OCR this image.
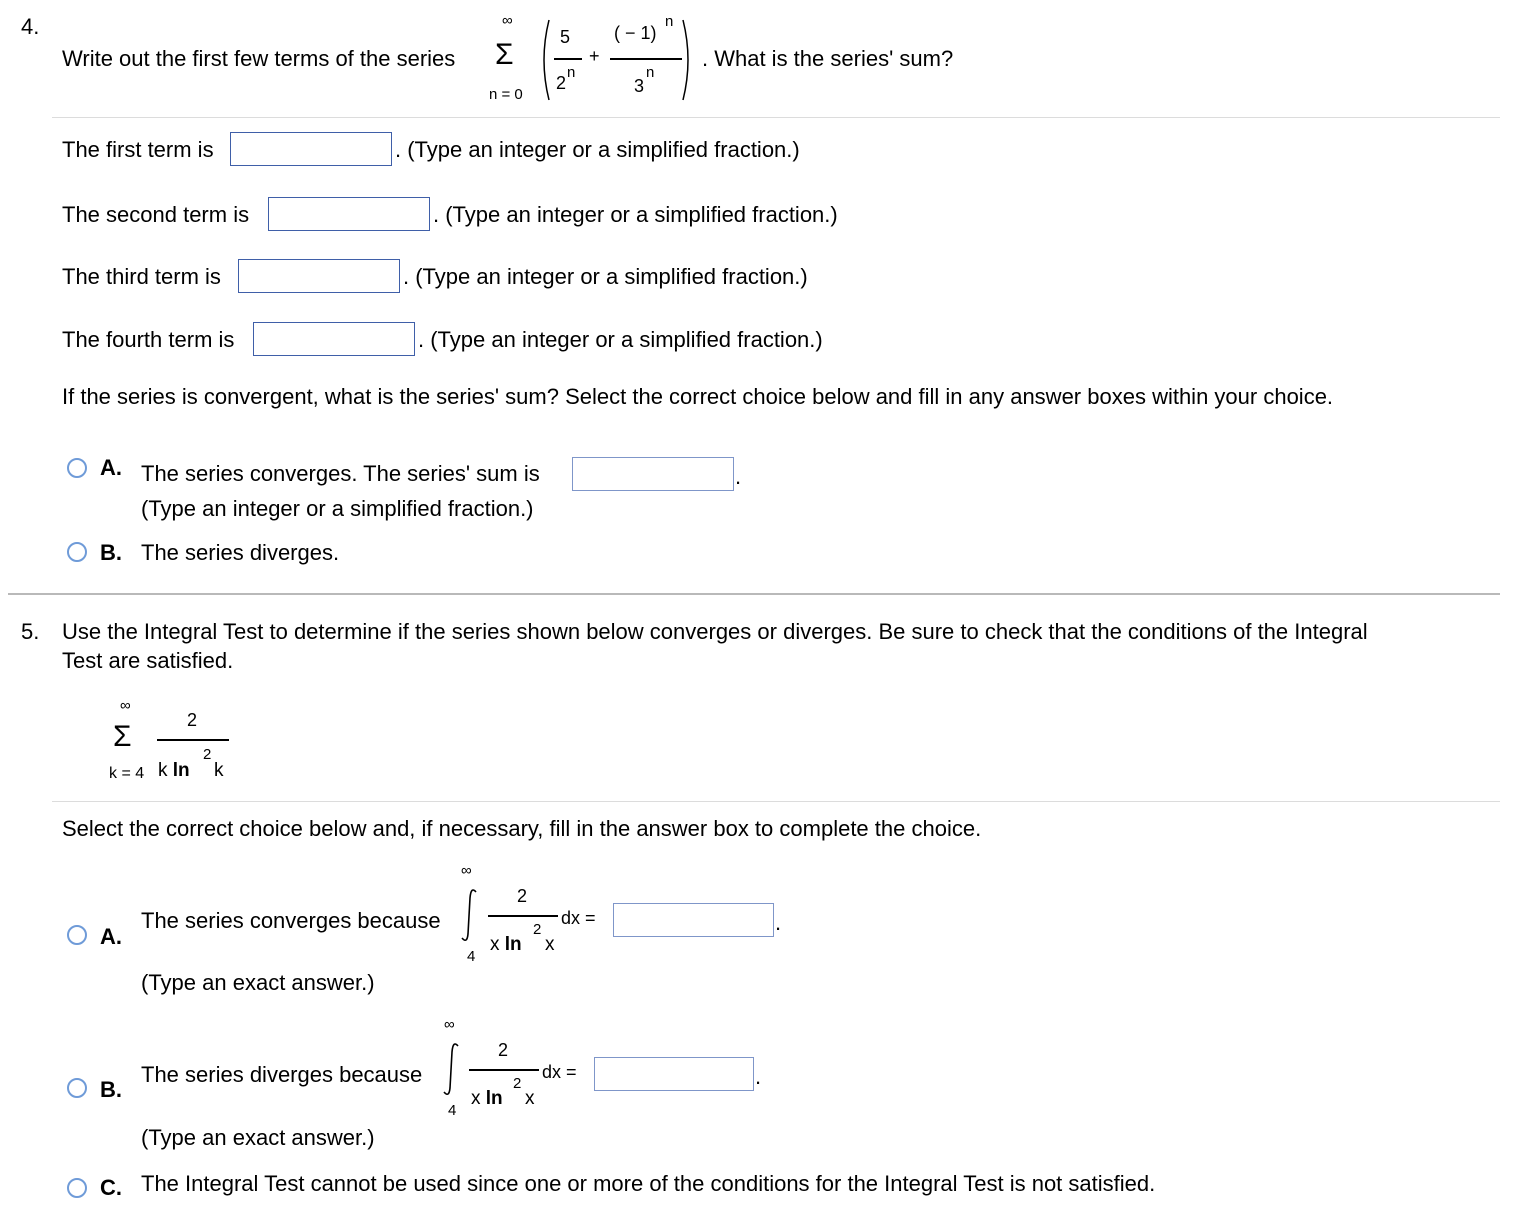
4.
Write out the first few terms of the series
∞
Σ
n = 0
5
2
n
+
( − 1)
n
3
n
. What is the series' sum?
The first term is	. (Type an integer or a simplified fraction.)
The second term is	. (Type an integer or a simplified fraction.)
The third term is	. (Type an integer or a simplified fraction.)
The fourth term is	. (Type an integer or a simplified fraction.)
If the series is convergent, what is the series' sum? Select the correct choice below and fill in any answer boxes within your choice.
A. The series converges. The series' sum is	.
(Type an integer or a simplified fraction.)
B. The series diverges.
5. Use the Integral Test to determine if the series shown below converges or diverges. Be sure to check that the conditions of the Integral
Test are satisfied.
∞
Σ
k = 4
2
k ln
2
k
Select the correct choice below and, if necessary, fill in the answer box to complete the choice.
A.
The series converges because
∞
4
2
x ln
2
x
dx =	.
(Type an exact answer.)
B.
The series diverges because
∞
4
2
x ln
2
x
dx =	.
(Type an exact answer.)
C. The Integral Test cannot be used since one or more of the conditions for the Integral Test is not satisfied.
